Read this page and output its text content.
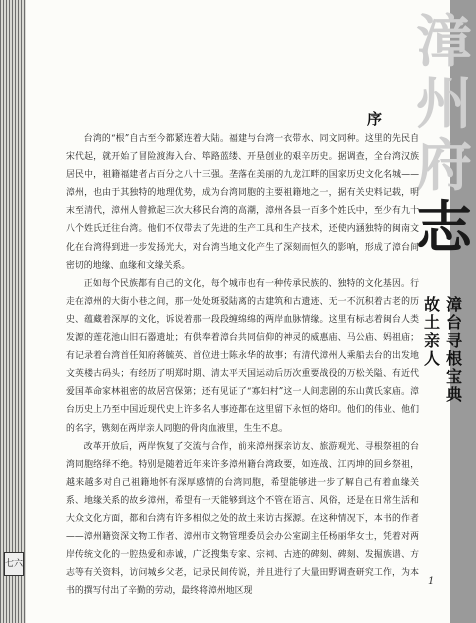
七六
漳
州
府
志
故土亲人
漳台寻根宝典
序

台湾的“根”自古至今都紧连着大陆。福建与台湾一衣带水、同文同种。这里的先民自宋代起，就开始了冒险渡海入台、筚路蓝缕、开垦创业的艰辛历史。据调查，全台湾汉族居民中，祖籍福建者占百分之八十三强。垄落在美丽的九龙江畔的国家历史文化名城——漳州，也由于其独特的地理优势，成为台湾同胞的主要祖籍地之一，据有关史料记载，明末至清代，漳州人曾掀起三次大移民台湾的高潮，漳州各县一百多个姓氏中，至少有九十八个姓氏迁往台湾。他们不仅带去了先进的生产工具和生产技术，还使内涵独特的闽南文化在台湾得到进一步发扬光大，对台湾当地文化产生了深刻而恒久的影响，形成了漳台间密切的地缘、血缘和文缘关系。

正如每个民族都有自己的文化，每个城市也有一种传承民族的、独特的文化基因。行走在漳州的大街小巷之间，那一处处斑驳陆离的古建筑和古遗迹、无一不沉积着古老的历史、蕴藏着深厚的文化，诉说着那一段段缠绵绵的两岸血脉情缘。这里有标志着闽台人类发源的莲花池山旧石器遗址；有供奉着漳台共同信仰的神灵的威惠庙、马公庙、妈祖庙；有记录着台湾首任知府蒋毓英、首位进士陈永华的故事；有清代漳州人乘船去台的出发地文英楼古码头；有经历了明郑时期、清太平天国运动后历次重要战役的万松关隘、有近代爱国革命家林祖密的故居宫保第；还有见证了“寡妇村”这一人间悲剧的东山黄氏家庙。漳台历史上乃至中国近现代史上许多名人事迹都在这里留下永恒的烙印。他们的伟业、他们的名字，镌刻在两岸亲人同胞的骨肉血液里，生生不息。

改革开放后，两岸恢复了交流与合作，前来漳州探亲访友、旅游观光、寻根祭祖的台湾同胞络绎不绝。特别是随着近年来许多漳州籍台湾政要，如连战、江丙坤的回乡祭祖，越来越多对自己祖籍地怀有深厚感情的台湾同胞，希望能够进一步了解自己有着血缘关系、地缘关系的故乡漳州，希望有一天能够到这个不管在语言、风俗，还是在日常生活和大众文化方面，都和台湾有许多相似之处的故土来访古探源。在这种情况下，本书的作者——漳州籍资深文物工作者、漳州市文物管理委员会办公室副主任杨丽华女士，凭着对两岸传统文化的一腔热爱和赤诚，广泛搜集专家、宗祠、古迹的碑刻、碑刻、发掘族谱、方志等有关资料，访问城乡父老，记录民间传说，并且进行了大量田野调查研究工作，为本书的撰写付出了辛勤的劳动，最终将漳州地区现

1
